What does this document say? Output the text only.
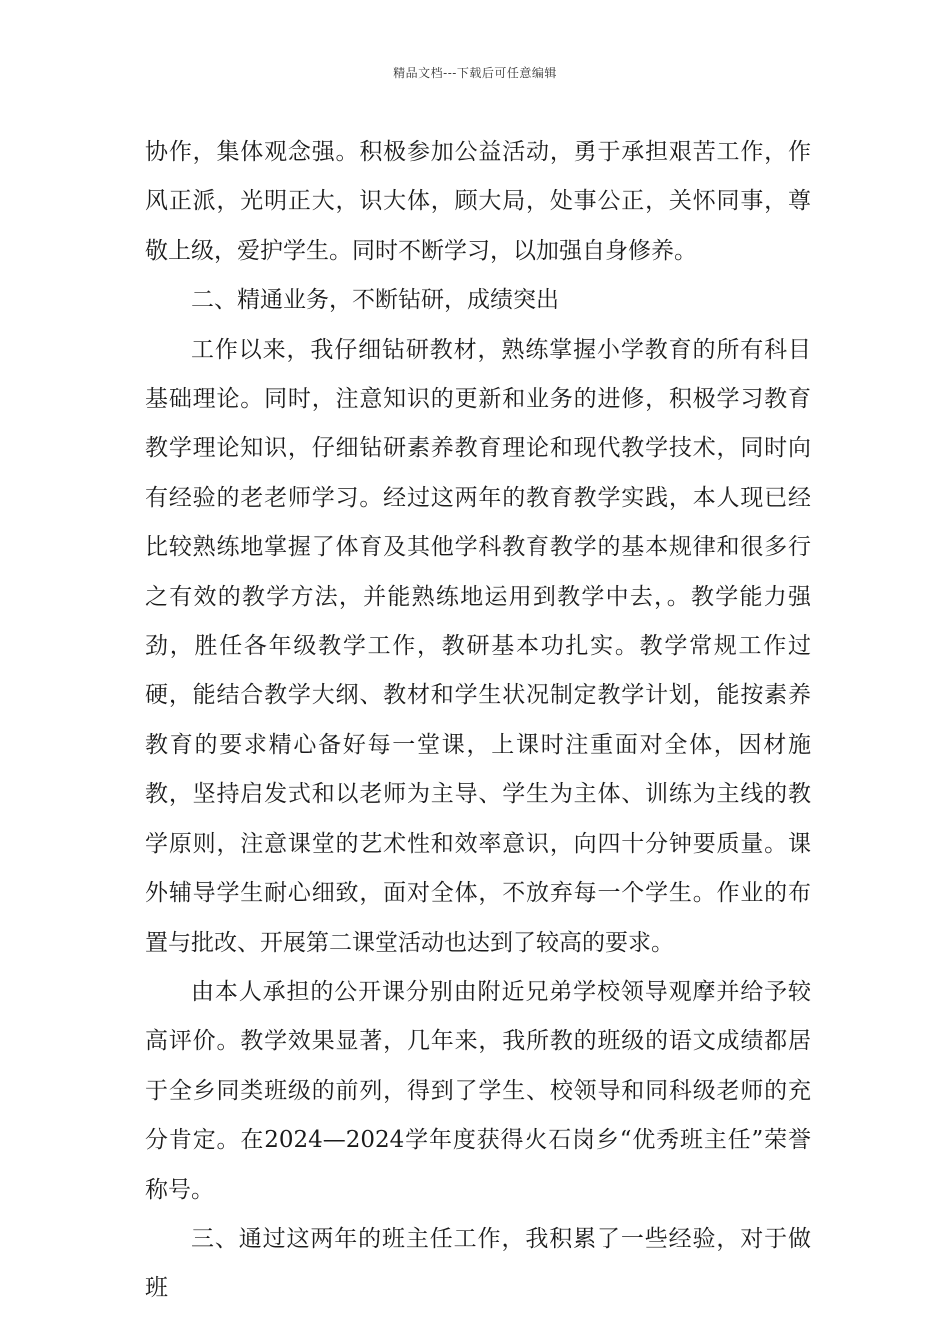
精品文档---下载后可任意编辑

协作，集体观念强。积极参加公益活动，勇于承担艰苦工作，作风正派，光明正大，识大体，顾大局，处事公正，关怀同事，尊敬上级，爱护学生。同时不断学习，以加强自身修养。

二、精通业务，不断钻研，成绩突出

工作以来，我仔细钻研教材，熟练掌握小学教育的所有科目基础理论。同时，注意知识的更新和业务的进修，积极学习教育教学理论知识，仔细钻研素养教育理论和现代教学技术，同时向有经验的老老师学习。经过这两年的教育教学实践，本人现已经比较熟练地掌握了体育及其他学科教育教学的基本规律和很多行之有效的教学方法，并能熟练地运用到教学中去，。教学能力强劲，胜任各年级教学工作，教研基本功扎实。教学常规工作过硬，能结合教学大纲、教材和学生状况制定教学计划，能按素养教育的要求精心备好每一堂课，上课时注重面对全体，因材施教，坚持启发式和以老师为主导、学生为主体、训练为主线的教学原则，注意课堂的艺术性和效率意识，向四十分钟要质量。课外辅导学生耐心细致，面对全体，不放弃每一个学生。作业的布置与批改、开展第二课堂活动也达到了较高的要求。

由本人承担的公开课分别由附近兄弟学校领导观摩并给予较高评价。教学效果显著，几年来，我所教的班级的语文成绩都居于全乡同类班级的前列，得到了学生、校领导和同科级老师的充分肯定。在2024—2024学年度获得火石岗乡“优秀班主任”荣誉称号。

三、通过这两年的班主任工作，我积累了一些经验，对于做班
